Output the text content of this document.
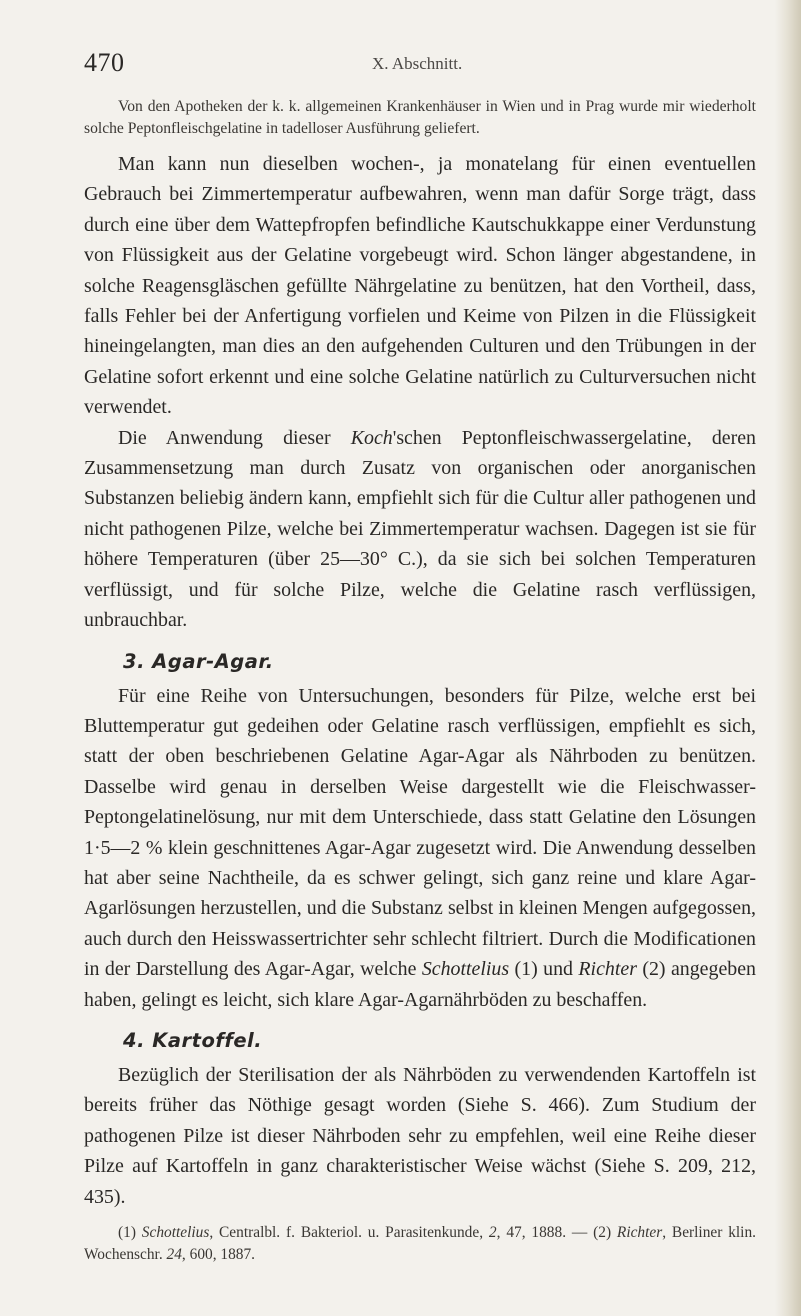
470	X. Abschnitt.

Von den Apotheken der k. k. allgemeinen Krankenhäuser in Wien und in Prag wurde mir wiederholt solche Peptonfleischgelatine in tadelloser Ausführung geliefert.

Man kann nun dieselben wochen-, ja monatelang für einen eventuellen Gebrauch bei Zimmertemperatur aufbewahren, wenn man dafür Sorge trägt, dass durch eine über dem Wattepfropfen befindliche Kautschukkappe einer Verdunstung von Flüssigkeit aus der Gelatine vorgebeugt wird. Schon länger abgestandene, in solche Reagensgläschen gefüllte Nährgelatine zu benützen, hat den Vortheil, dass, falls Fehler bei der Anfertigung vorfielen und Keime von Pilzen in die Flüssigkeit hineingelangten, man dies an den aufgehenden Culturen und den Trübungen in der Gelatine sofort erkennt und eine solche Gelatine natürlich zu Culturversuchen nicht verwendet.

Die Anwendung dieser Koch'schen Peptonfleischwassergelatine, deren Zusammensetzung man durch Zusatz von organischen oder anorganischen Substanzen beliebig ändern kann, empfiehlt sich für die Cultur aller pathogenen und nicht pathogenen Pilze, welche bei Zimmertemperatur wachsen. Dagegen ist sie für höhere Temperaturen (über 25—30° C.), da sie sich bei solchen Temperaturen verflüssigt, und für solche Pilze, welche die Gelatine rasch verflüssigen, unbrauchbar.

3. Agar-Agar.

Für eine Reihe von Untersuchungen, besonders für Pilze, welche erst bei Bluttemperatur gut gedeihen oder Gelatine rasch verflüssigen, empfiehlt es sich, statt der oben beschriebenen Gelatine Agar-Agar als Nährboden zu benützen. Dasselbe wird genau in derselben Weise dargestellt wie die Fleischwasser-Peptongelatinelösung, nur mit dem Unterschiede, dass statt Gelatine den Lösungen 1·5—2 % klein geschnittenes Agar-Agar zugesetzt wird. Die Anwendung desselben hat aber seine Nachtheile, da es schwer gelingt, sich ganz reine und klare Agar-Agarlösungen herzustellen, und die Substanz selbst in kleinen Mengen aufgegossen, auch durch den Heisswassertrichter sehr schlecht filtriert. Durch die Modificationen in der Darstellung des Agar-Agar, welche Schottelius (1) und Richter (2) angegeben haben, gelingt es leicht, sich klare Agar-Agarnährböden zu beschaffen.

4. Kartoffel.

Bezüglich der Sterilisation der als Nährböden zu verwendenden Kartoffeln ist bereits früher das Nöthige gesagt worden (Siehe S. 466). Zum Studium der pathogenen Pilze ist dieser Nährboden sehr zu empfehlen, weil eine Reihe dieser Pilze auf Kartoffeln in ganz charakteristischer Weise wächst (Siehe S. 209, 212, 435).

(1) Schottelius, Centralbl. f. Bakteriol. u. Parasitenkunde, 2, 47, 1888. — (2) Richter, Berliner klin. Wochenschr. 24, 600, 1887.
